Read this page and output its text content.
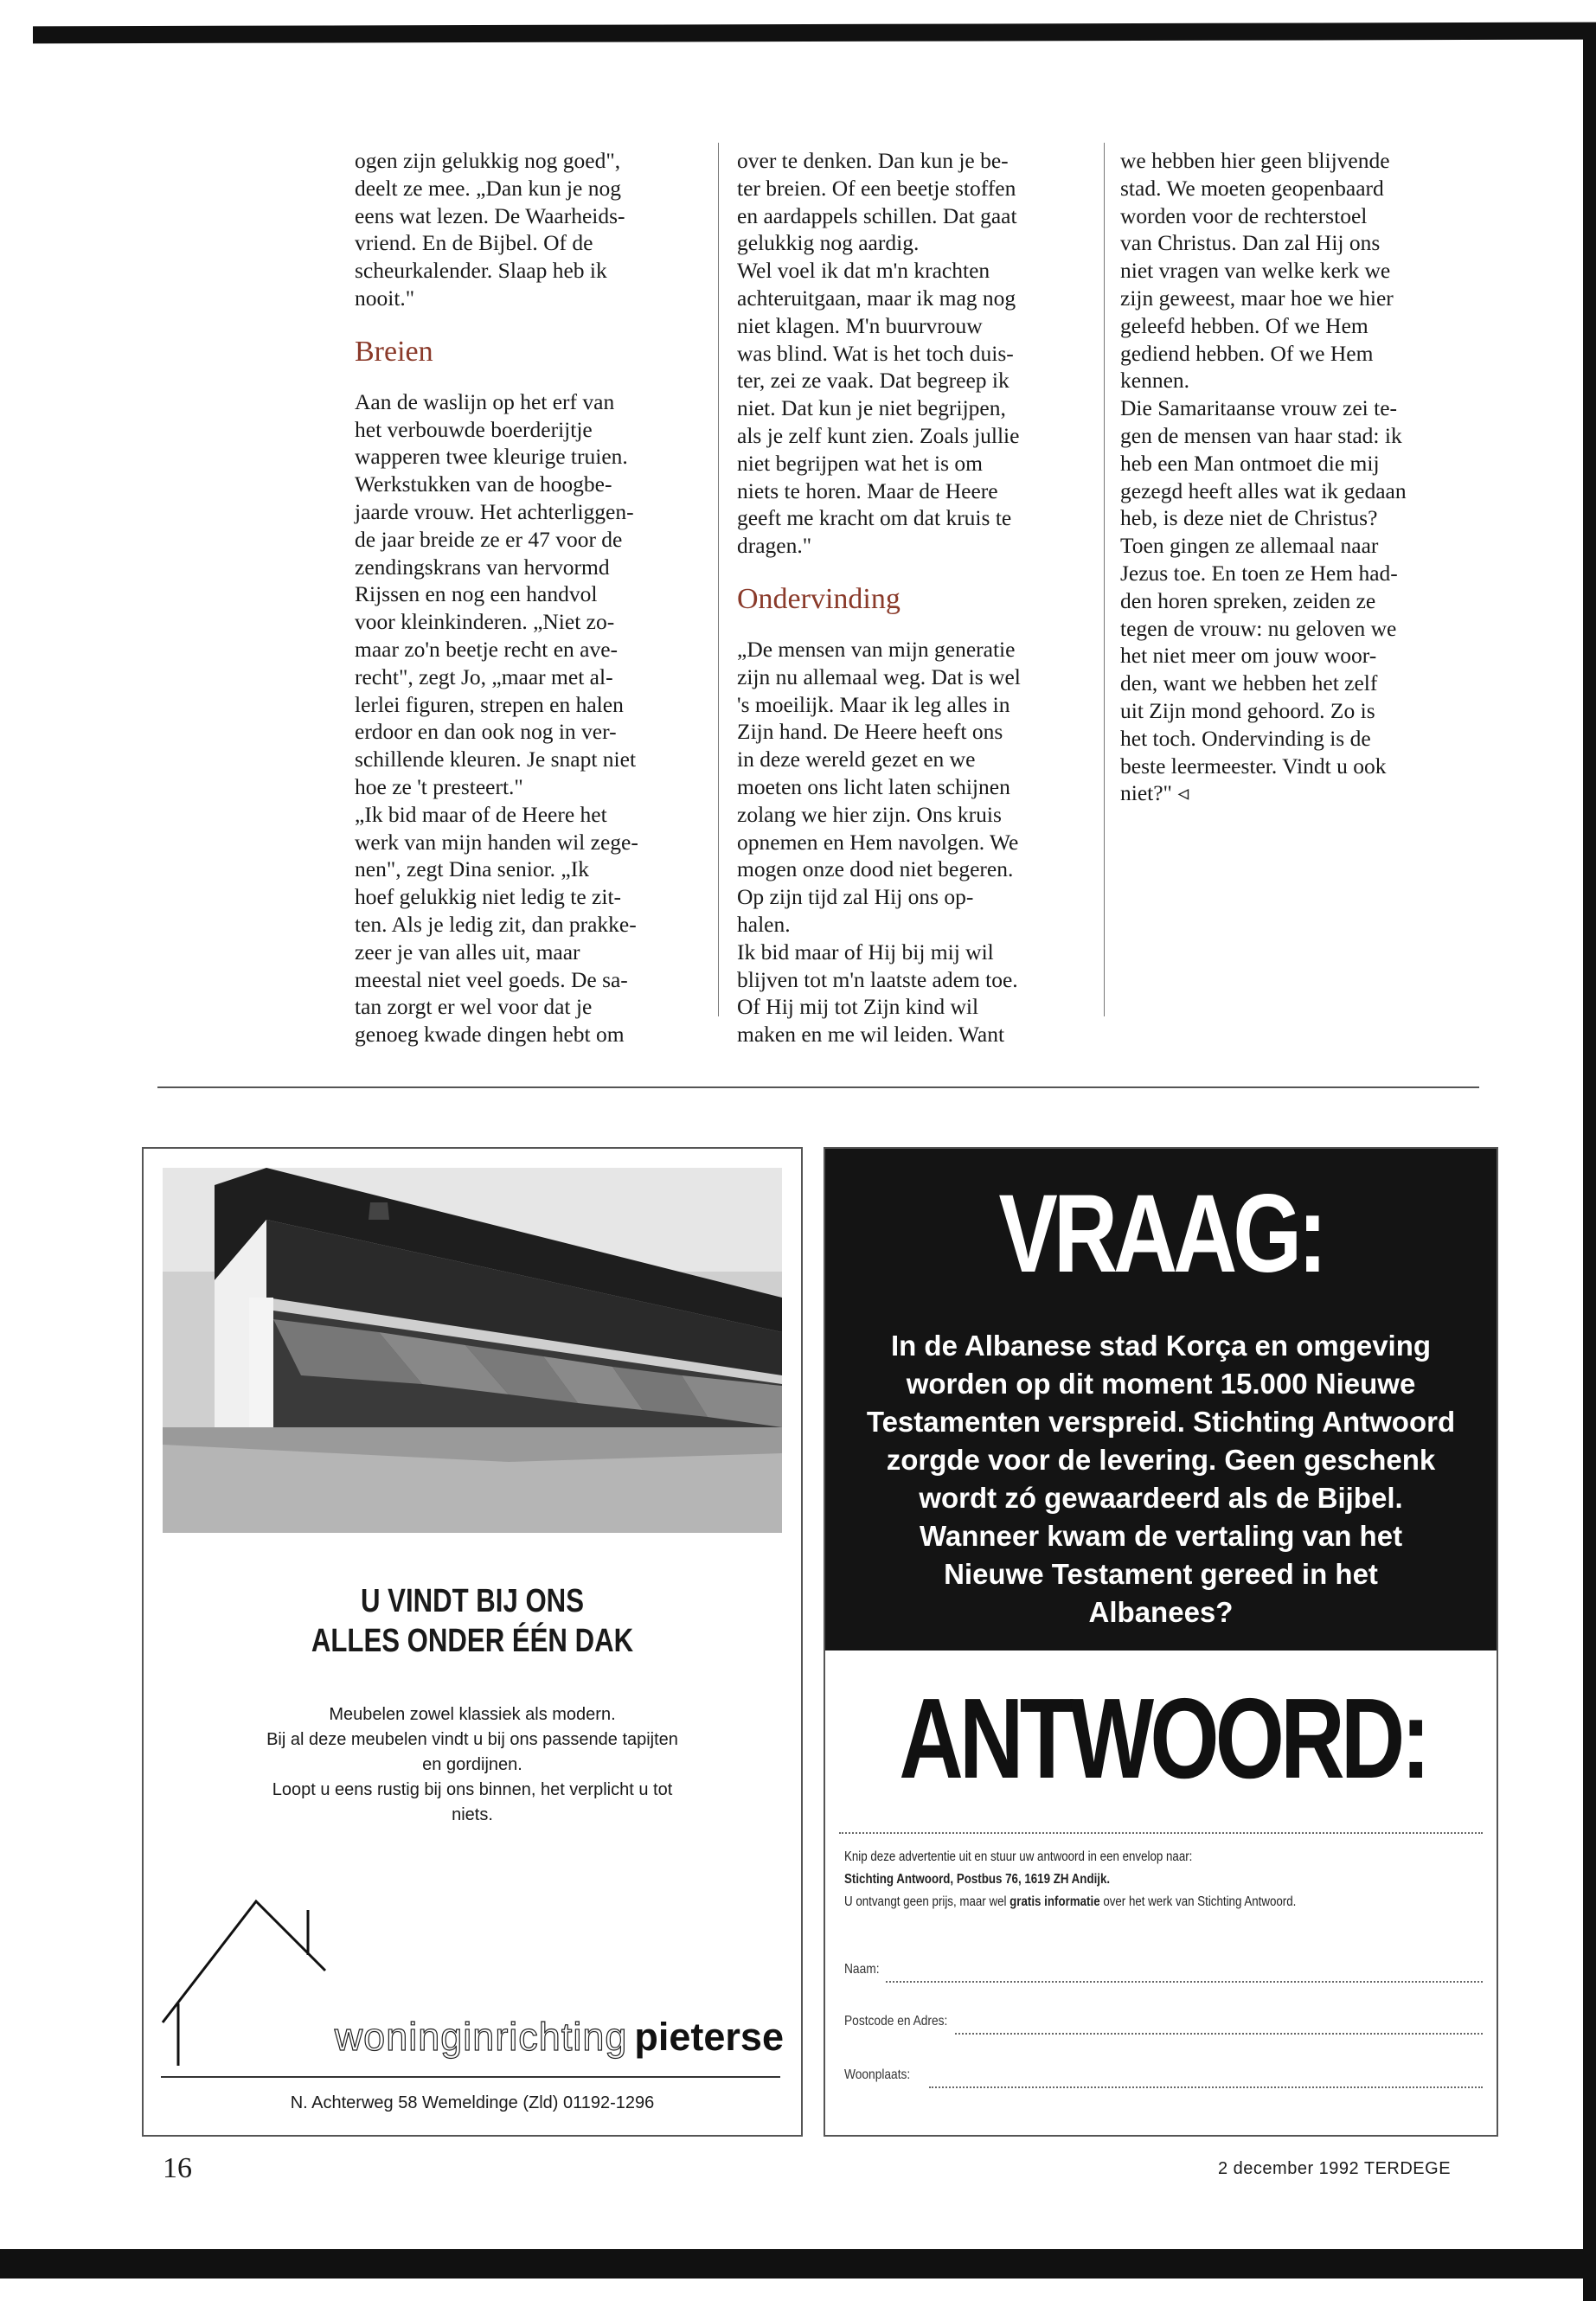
ogen zijn gelukkig nog goed",

deelt ze mee. „Dan kun je nog

eens wat lezen. De Waarheids-

vriend. En de Bijbel. Of de

scheurkalender. Slaap heb ik

nooit."

Breien

Aan de waslijn op het erf van

het verbouwde boerderijtje

wapperen twee kleurige truien.

Werkstukken van de hoogbe-

jaarde vrouw. Het achterliggen-

de jaar breide ze er 47 voor de

zendingskrans van hervormd

Rijssen en nog een handvol

voor kleinkinderen. „Niet zo-

maar zo'n beetje recht en ave-

recht", zegt Jo, „maar met al-

lerlei figuren, strepen en halen

erdoor en dan ook nog in ver-

schillende kleuren. Je snapt niet

hoe ze 't presteert."

„Ik bid maar of de Heere het

werk van mijn handen wil zege-

nen", zegt Dina senior. „Ik

hoef gelukkig niet ledig te zit-

ten. Als je ledig zit, dan prakke-

zeer je van alles uit, maar

meestal niet veel goeds. De sa-

tan zorgt er wel voor dat je

genoeg kwade dingen hebt om

over te denken. Dan kun je be-

ter breien. Of een beetje stoffen

en aardappels schillen. Dat gaat

gelukkig nog aardig.

Wel voel ik dat m'n krachten

achteruitgaan, maar ik mag nog

niet klagen. M'n buurvrouw

was blind. Wat is het toch duis-

ter, zei ze vaak. Dat begreep ik

niet. Dat kun je niet begrijpen,

als je zelf kunt zien. Zoals jullie

niet begrijpen wat het is om

niets te horen. Maar de Heere

geeft me kracht om dat kruis te

dragen."

Ondervinding

„De mensen van mijn generatie

zijn nu allemaal weg. Dat is wel

's moeilijk. Maar ik leg alles in

Zijn hand. De Heere heeft ons

in deze wereld gezet en we

moeten ons licht laten schijnen

zolang we hier zijn. Ons kruis

opnemen en Hem navolgen. We

mogen onze dood niet begeren.

Op zijn tijd zal Hij ons op-

halen.

Ik bid maar of Hij bij mij wil

blijven tot m'n laatste adem toe.

Of Hij mij tot Zijn kind wil

maken en me wil leiden. Want

we hebben hier geen blijvende

stad. We moeten geopenbaard

worden voor de rechterstoel

van Christus. Dan zal Hij ons

niet vragen van welke kerk we

zijn geweest, maar hoe we hier

geleefd hebben. Of we Hem

gediend hebben. Of we Hem

kennen.

Die Samaritaanse vrouw zei te-

gen de mensen van haar stad: ik

heb een Man ontmoet die mij

gezegd heeft alles wat ik gedaan

heb, is deze niet de Christus?

Toen gingen ze allemaal naar

Jezus toe. En toen ze Hem had-

den horen spreken, zeiden ze

tegen de vrouw: nu geloven we

het niet meer om jouw woor-

den, want we hebben het zelf

uit Zijn mond gehoord. Zo is

het toch. Ondervinding is de

beste leermeester. Vindt u ook

niet?" ◃

U VINDT BIJ ONS
ALLES ONDER ÉÉN DAK
Meubelen zowel klassiek als modern.
Bij al deze meubelen vindt u bij ons passende tapijten
en gordijnen.
Loopt u eens rustig bij ons binnen, het verplicht u tot
niets.
woninginrichting pieterse
N. Achterweg 58 Wemeldinge (Zld) 01192-1296
VRAAG:
In de Albanese stad Korça en omgeving
worden op dit moment 15.000 Nieuwe
Testamenten verspreid. Stichting Antwoord
zorgde voor de levering. Geen geschenk
wordt zó gewaardeerd als de Bijbel.
Wanneer kwam de vertaling van het
Nieuwe Testament gereed in het
Albanees?
ANTWOORD:
Knip deze advertentie uit en stuur uw antwoord in een envelop naar:
Stichting Antwoord, Postbus 76, 1619 ZH Andijk.
U ontvangt geen prijs, maar wel gratis informatie over het werk van Stichting Antwoord.
Naam:
Postcode en Adres:
Woonplaats:
16	2 december 1992 TERDEGE
